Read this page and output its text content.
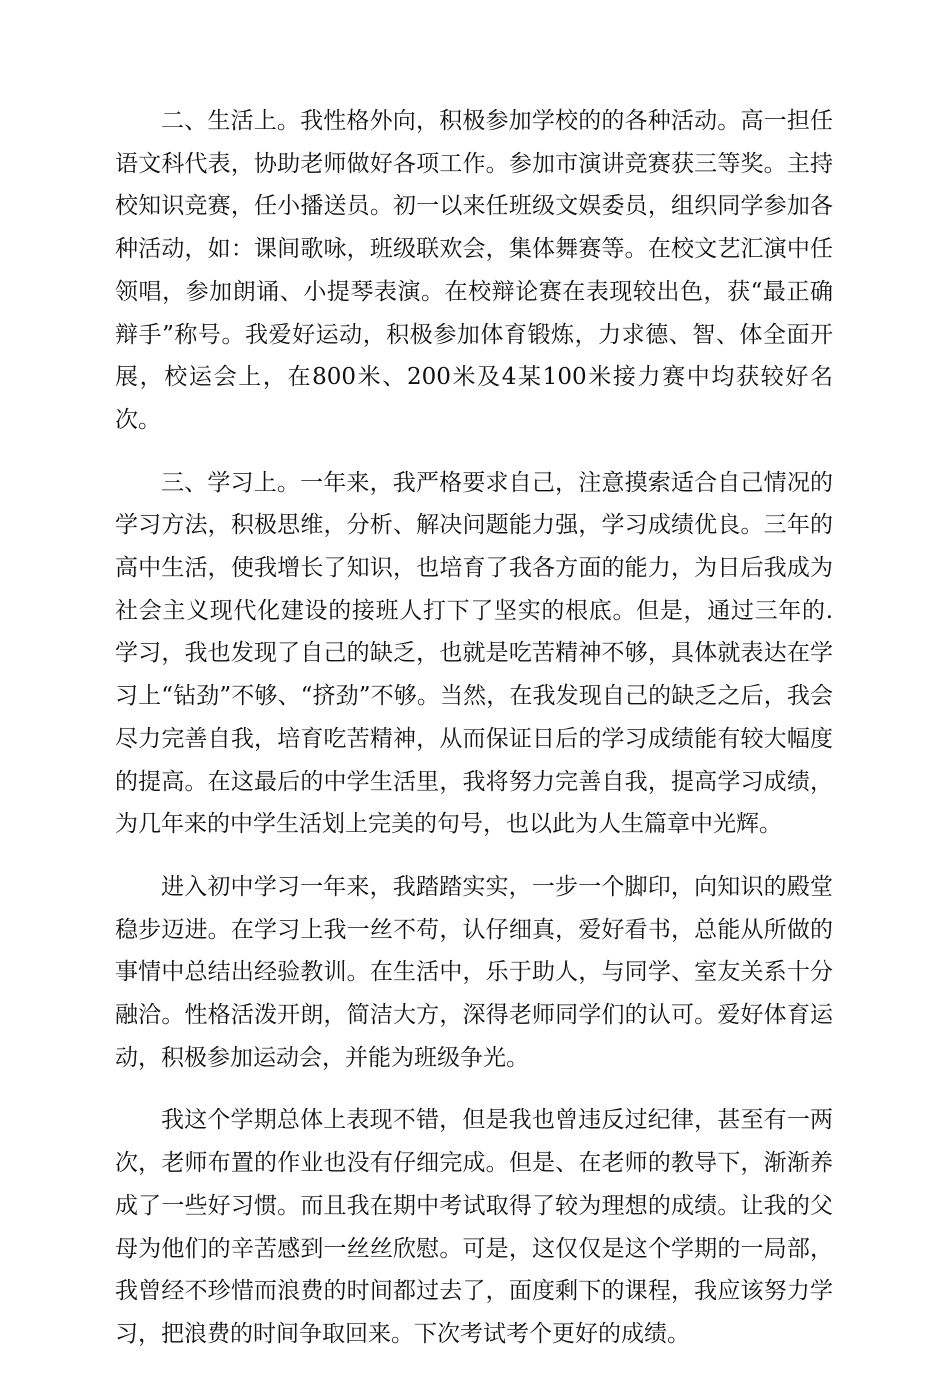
二、生活上。我性格外向，积极参加学校的的各种活动。高一担任语文科代表，协助老师做好各项工作。参加市演讲竞赛获三等奖。主持校知识竞赛，任小播送员。初一以来任班级文娱委员，组织同学参加各种活动，如：课间歌咏，班级联欢会，集体舞赛等。在校文艺汇演中任领唱，参加朗诵、小提琴表演。在校辩论赛在表现较出色，获“最正确辩手”称号。我爱好运动，积极参加体育锻炼，力求德、智、体全面开展，校运会上，在800米、200米及4某100米接力赛中均获较好名次。

三、学习上。一年来，我严格要求自己，注意摸索适合自己情况的学习方法，积极思维，分析、解决问题能力强，学习成绩优良。三年的高中生活，使我增长了知识，也培育了我各方面的能力，为日后我成为社会主义现代化建设的接班人打下了坚实的根底。但是，通过三年的.学习，我也发现了自己的缺乏，也就是吃苦精神不够，具体就表达在学习上“钻劲”不够、“挤劲”不够。当然，在我发现自己的缺乏之后，我会尽力完善自我，培育吃苦精神，从而保证日后的学习成绩能有较大幅度的提高。在这最后的中学生活里，我将努力完善自我，提高学习成绩，为几年来的中学生活划上完美的句号，也以此为人生篇章中光辉。

进入初中学习一年来，我踏踏实实，一步一个脚印，向知识的殿堂稳步迈进。在学习上我一丝不苟，认仔细真，爱好看书，总能从所做的事情中总结出经验教训。在生活中，乐于助人，与同学、室友关系十分融洽。性格活泼开朗，简洁大方，深得老师同学们的认可。爱好体育运动，积极参加运动会，并能为班级争光。

我这个学期总体上表现不错，但是我也曾违反过纪律，甚至有一两次，老师布置的作业也没有仔细完成。但是、在老师的教导下，渐渐养成了一些好习惯。而且我在期中考试取得了较为理想的成绩。让我的父母为他们的辛苦感到一丝丝欣慰。可是，这仅仅是这个学期的一局部，我曾经不珍惜而浪费的时间都过去了，面度剩下的课程，我应该努力学习，把浪费的时间争取回来。下次考试考个更好的成绩。
